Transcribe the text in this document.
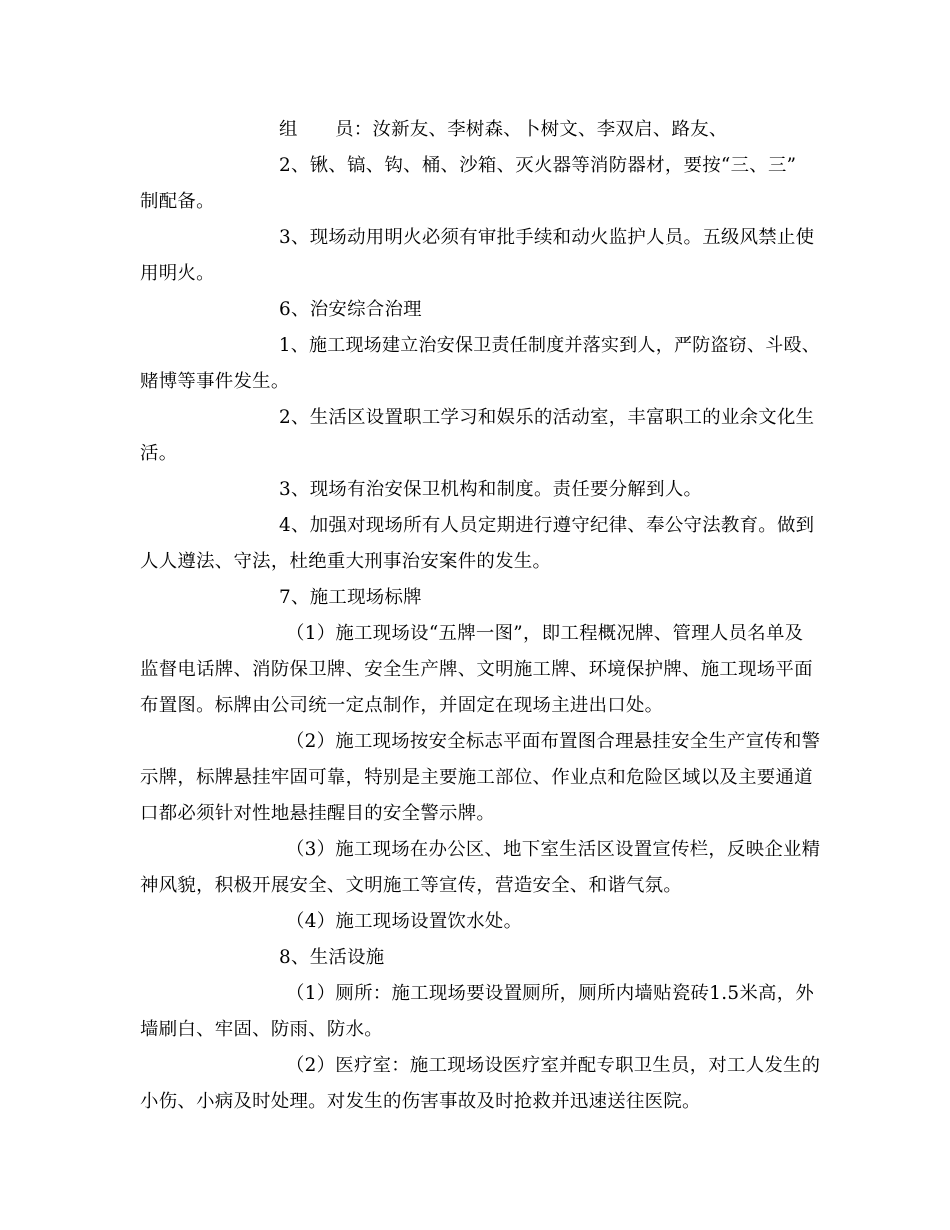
组　　员：汝新友、李树森、卜树文、李双启、路友、
2、锹、镐、钩、桶、沙箱、灭火器等消防器材，要按“三、三”
制配备。
3、现场动用明火必须有审批手续和动火监护人员。五级风禁止使
用明火。
6、治安综合治理
1、施工现场建立治安保卫责任制度并落实到人，严防盗窃、斗殴、
赌博等事件发生。
2、生活区设置职工学习和娱乐的活动室，丰富职工的业余文化生
活。
3、现场有治安保卫机构和制度。责任要分解到人。
4、加强对现场所有人员定期进行遵守纪律、奉公守法教育。做到
人人遵法、守法，杜绝重大刑事治安案件的发生。
7、施工现场标牌
（1）施工现场设“五牌一图”，即工程概况牌、管理人员名单及
监督电话牌、消防保卫牌、安全生产牌、文明施工牌、环境保护牌、施工现场平面
布置图。标牌由公司统一定点制作，并固定在现场主进出口处。
（2）施工现场按安全标志平面布置图合理悬挂安全生产宣传和警
示牌，标牌悬挂牢固可靠，特别是主要施工部位、作业点和危险区域以及主要通道
口都必须针对性地悬挂醒目的安全警示牌。
（3）施工现场在办公区、地下室生活区设置宣传栏，反映企业精
神风貌，积极开展安全、文明施工等宣传，营造安全、和谐气氛。
（4）施工现场设置饮水处。
8、生活设施
（1）厕所：施工现场要设置厕所，厕所内墙贴瓷砖1.5米高，外
墙刷白、牢固、防雨、防水。
（2）医疗室：施工现场设医疗室并配专职卫生员，对工人发生的
小伤、小病及时处理。对发生的伤害事故及时抢救并迅速送往医院。
